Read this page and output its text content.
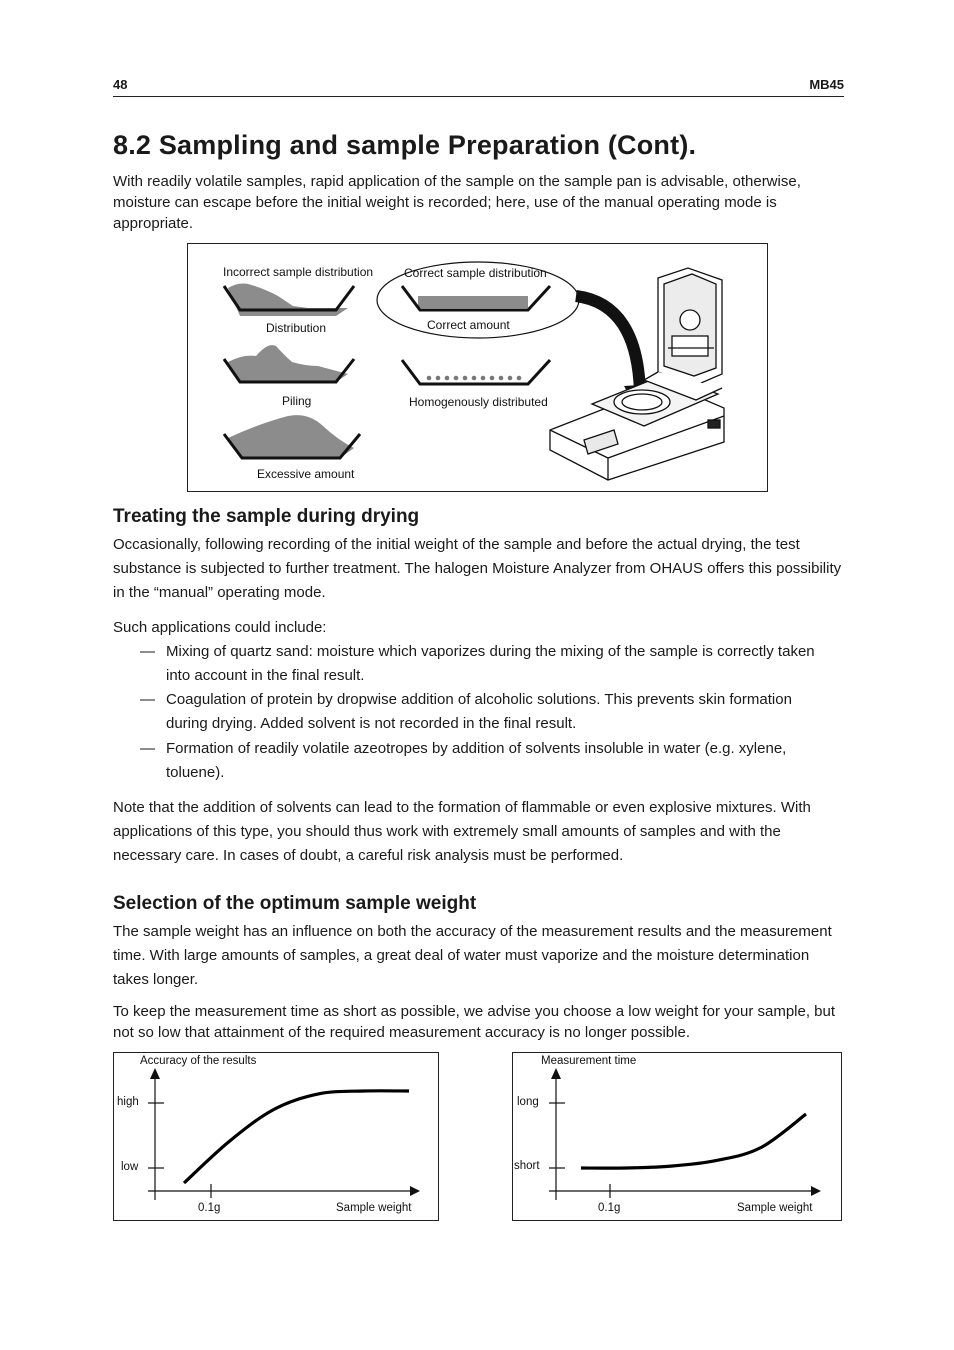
48	MB45
8.2 Sampling and sample Preparation (Cont).

With readily volatile samples, rapid application of the sample on the sample pan is advisable, otherwise, moisture can escape before the initial weight is recorded; here, use of the manual operating mode is appropriate.

Incorrect sample distribution	Correct sample distribution
Distribution	Correct amount
Piling	Homogenously distributed
Excessive amount
Treating the sample during drying

Occasionally, following recording of the initial weight of the sample and before the actual drying, the test substance is subjected to further treatment. The halogen Moisture Analyzer from OHAUS offers this possibility in the “manual” operating mode.

Such applications could include:

— Mixing of quartz sand: moisture which vaporizes during the mixing of the sample is correctly taken into account in the final result.
— Coagulation of protein by dropwise addition of alcoholic solutions. This prevents skin formation during drying. Added solvent is not recorded in the final result.
— Formation of readily volatile azeotropes by addition of solvents insoluble in water (e.g. xylene, toluene).

Note that the addition of solvents can lead to the formation of flammable or even explosive mixtures. With applications of this type, you should thus work with extremely small amounts of samples and with the necessary care. In cases of doubt, a careful risk analysis must be performed.

Selection of the optimum sample weight

The sample weight has an influence on both the accuracy of the measurement results and the measurement time. With large amounts of samples, a great deal of water must vaporize and the moisture determination takes longer.

To keep the measurement time as short as possible, we advise you choose a low weight for your sample, but not so low that attainment of the required measurement accuracy is no longer possible.

Accuracy of the results
high
low
0.1g	Sample weight
Measurement time
long
short
0.1g	Sample weight
